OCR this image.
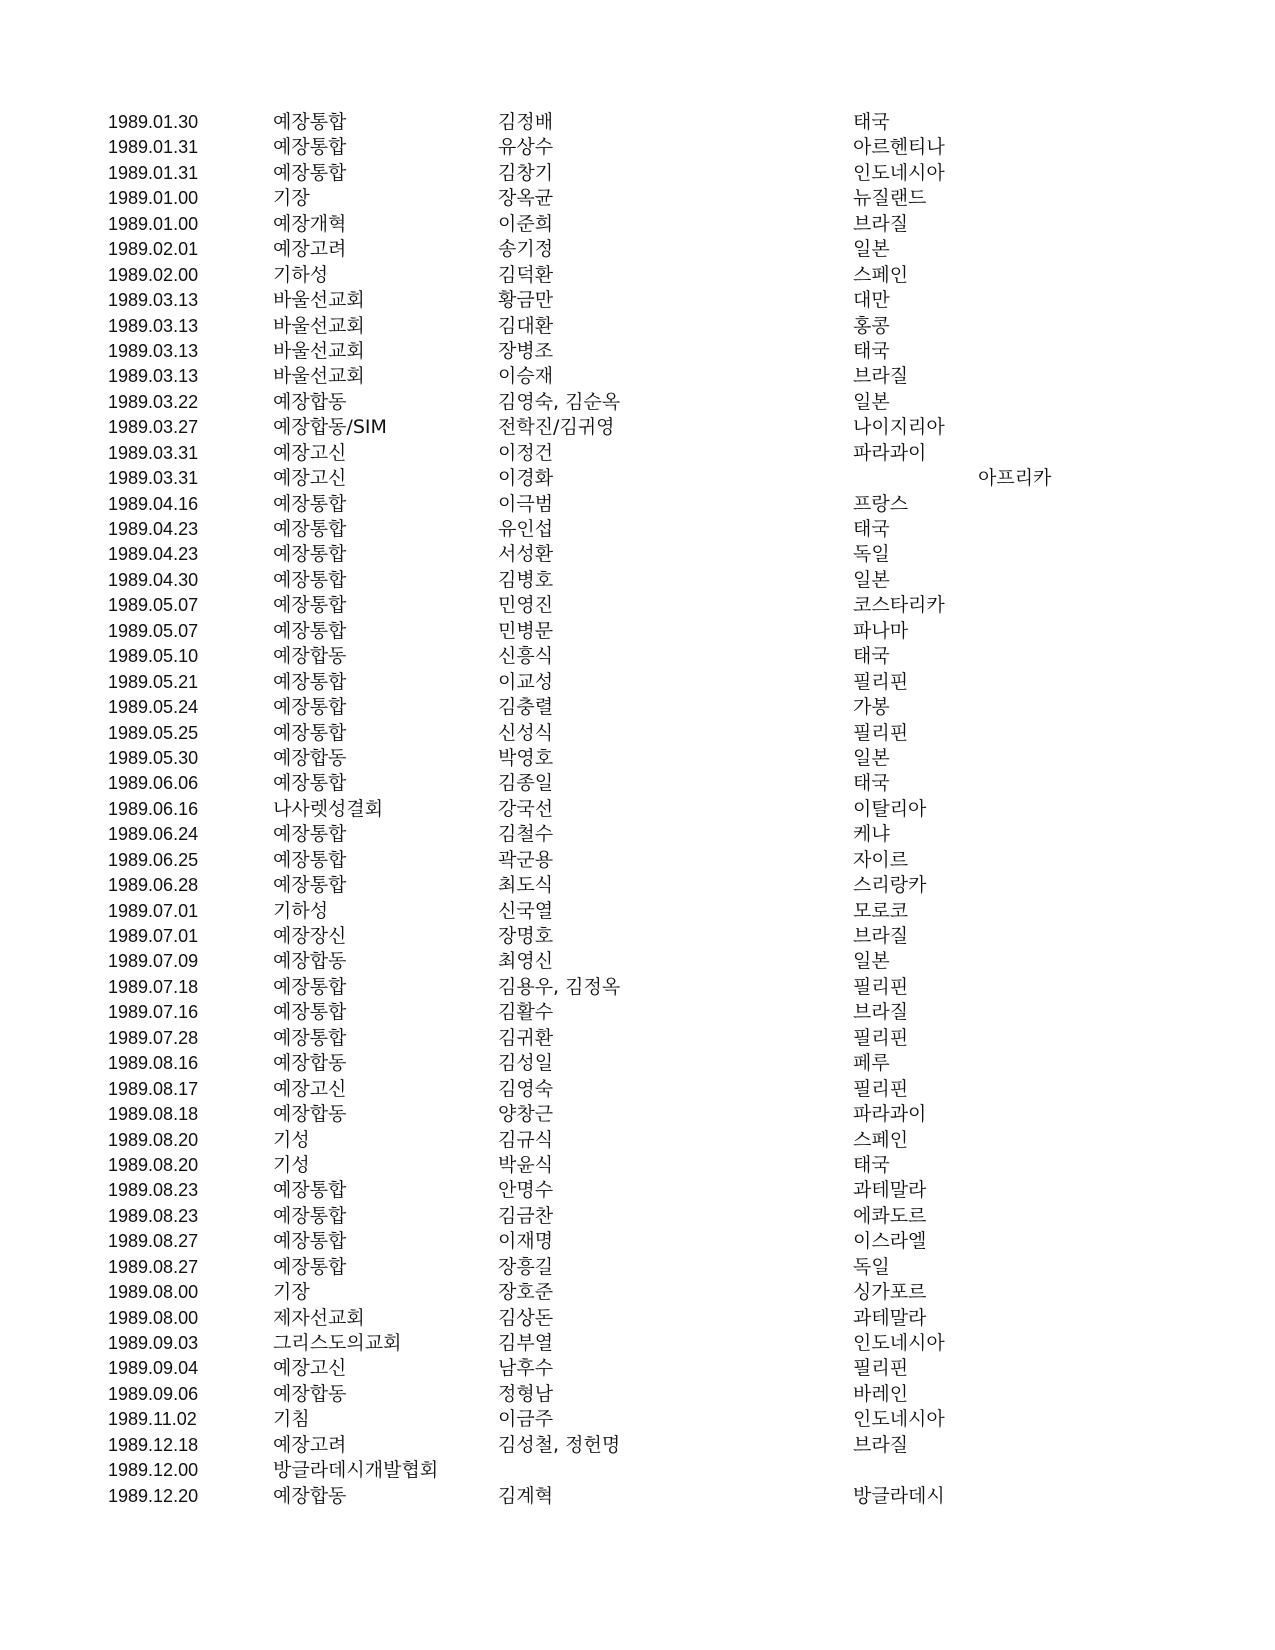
1989.01.30	예장통합	김정배	태국
1989.01.31	예장통합	유상수	아르헨티나
1989.01.31	예장통합	김창기	인도네시아
1989.01.00	기장	장옥균	뉴질랜드
1989.01.00	예장개혁	이준희	브라질
1989.02.01	예장고려	송기정	일본
1989.02.00	기하성	김덕환	스페인
1989.03.13	바울선교회	황금만	대만
1989.03.13	바울선교회	김대환	홍콩
1989.03.13	바울선교회	장병조	태국
1989.03.13	바울선교회	이승재	브라질
1989.03.22	예장합동	김영숙, 김순옥	일본
1989.03.27	예장합동/SIM	전학진/김귀영	나이지리아
1989.03.31	예장고신	이정건	파라과이
1989.03.31	예장고신	이경화	아프리카
1989.04.16	예장통합	이극범	프랑스
1989.04.23	예장통합	유인섭	태국
1989.04.23	예장통합	서성환	독일
1989.04.30	예장통합	김병호	일본
1989.05.07	예장통합	민영진	코스타리카
1989.05.07	예장통합	민병문	파나마
1989.05.10	예장합동	신흥식	태국
1989.05.21	예장통합	이교성	필리핀
1989.05.24	예장통합	김충렬	가봉
1989.05.25	예장통합	신성식	필리핀
1989.05.30	예장합동	박영호	일본
1989.06.06	예장통합	김종일	태국
1989.06.16	나사렛성결회	강국선	이탈리아
1989.06.24	예장통합	김철수	케냐
1989.06.25	예장통합	곽군용	자이르
1989.06.28	예장통합	최도식	스리랑카
1989.07.01	기하성	신국열	모로코
1989.07.01	예장장신	장명호	브라질
1989.07.09	예장합동	최영신	일본
1989.07.18	예장통합	김용우, 김정옥	필리핀
1989.07.16	예장통합	김활수	브라질
1989.07.28	예장통합	김귀환	필리핀
1989.08.16	예장합동	김성일	페루
1989.08.17	예장고신	김영숙	필리핀
1989.08.18	예장합동	양창근	파라과이
1989.08.20	기성	김규식	스페인
1989.08.20	기성	박윤식	태국
1989.08.23	예장통합	안명수	과테말라
1989.08.23	예장통합	김금찬	에콰도르
1989.08.27	예장통합	이재명	이스라엘
1989.08.27	예장통합	장흥길	독일
1989.08.00	기장	장호준	싱가포르
1989.08.00	제자선교회	김상돈	과테말라
1989.09.03	그리스도의교회	김부열	인도네시아
1989.09.04	예장고신	남후수	필리핀
1989.09.06	예장합동	정형남	바레인
1989.11.02	기침	이금주	인도네시아
1989.12.18	예장고려	김성철, 정헌명	브라질
1989.12.00	방글라데시개발협회
1989.12.20	예장합동	김계혁	방글라데시
